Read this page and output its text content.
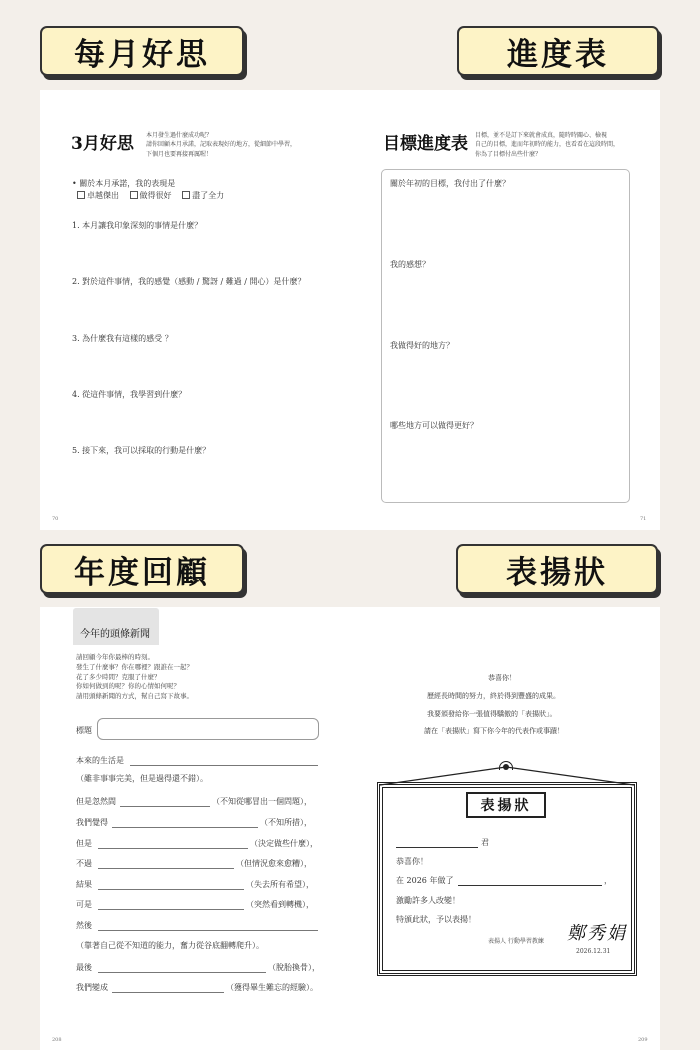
每月好思	進度表
年度回顧	表揚狀
3月好思 本月發生過什麼成功呢？
請你回顧本月承諾，記取表現好的地方，從細節中學習，
下個月也要再接再厲喔！
• 關於本月承諾，我的表現是
卓越傑出	做得很好	盡了全力
1. 本月讓我印象深刻的事情是什麼？
2. 對於這件事情，我的感覺（感動 / 驚訝 / 難過 / 開心）是什麼？
3. 為什麼我有這樣的感受 ？
4. 從這件事情，我學習到什麼？
5. 接下來，我可以採取的行動是什麼？
70
目標進度表 目標，並不是訂下來就會成真，隨時時關心、檢視
自己的目標，進而年初時的能力，也看看在這段時間，
你為了目標付出些什麼？
關於年初的目標，我付出了什麼？
我的感想？
我做得好的地方？
哪些地方可以做得更好？
71
今年的頭條新聞
請回顧今年你最棒的時刻。
發生了什麼事？你在哪裡？跟誰在一起？
花了多少時間？克服了什麼？
你如何做到的呢？你的心情如何呢？
請用頭條新聞的方式，幫自己寫下故事。
標題
本來的生活是
（雖非事事完美，但是過得還不錯）。
但是忽然間	（不知從哪冒出一個問題），
我們覺得	（不知所措），
但是	（決定做些什麼），
不過	（但情況愈來愈糟），
結果	（失去所有希望），
可是	（突然看到轉機），
然後
（靠著自己從不知道的能力，奮力從谷底翻轉爬升）。
最後	（脫胎換骨），
我們變成	（獲得畢生難忘的經驗）。
208
恭喜你！
歷經長時間的努力，終於得到豐盛的成果。
我要頒發給你一張值得驕傲的「表揚狀」。
請在「表揚狀」寫下你今年的代表作或事蹟！
表揚狀
君
恭喜你！
在 2026 年做了	，
激勵許多人改變！
特頒此狀，予以表揚！
表揚人 行動學習教練 鄭秀娟
2026.12.31
209
